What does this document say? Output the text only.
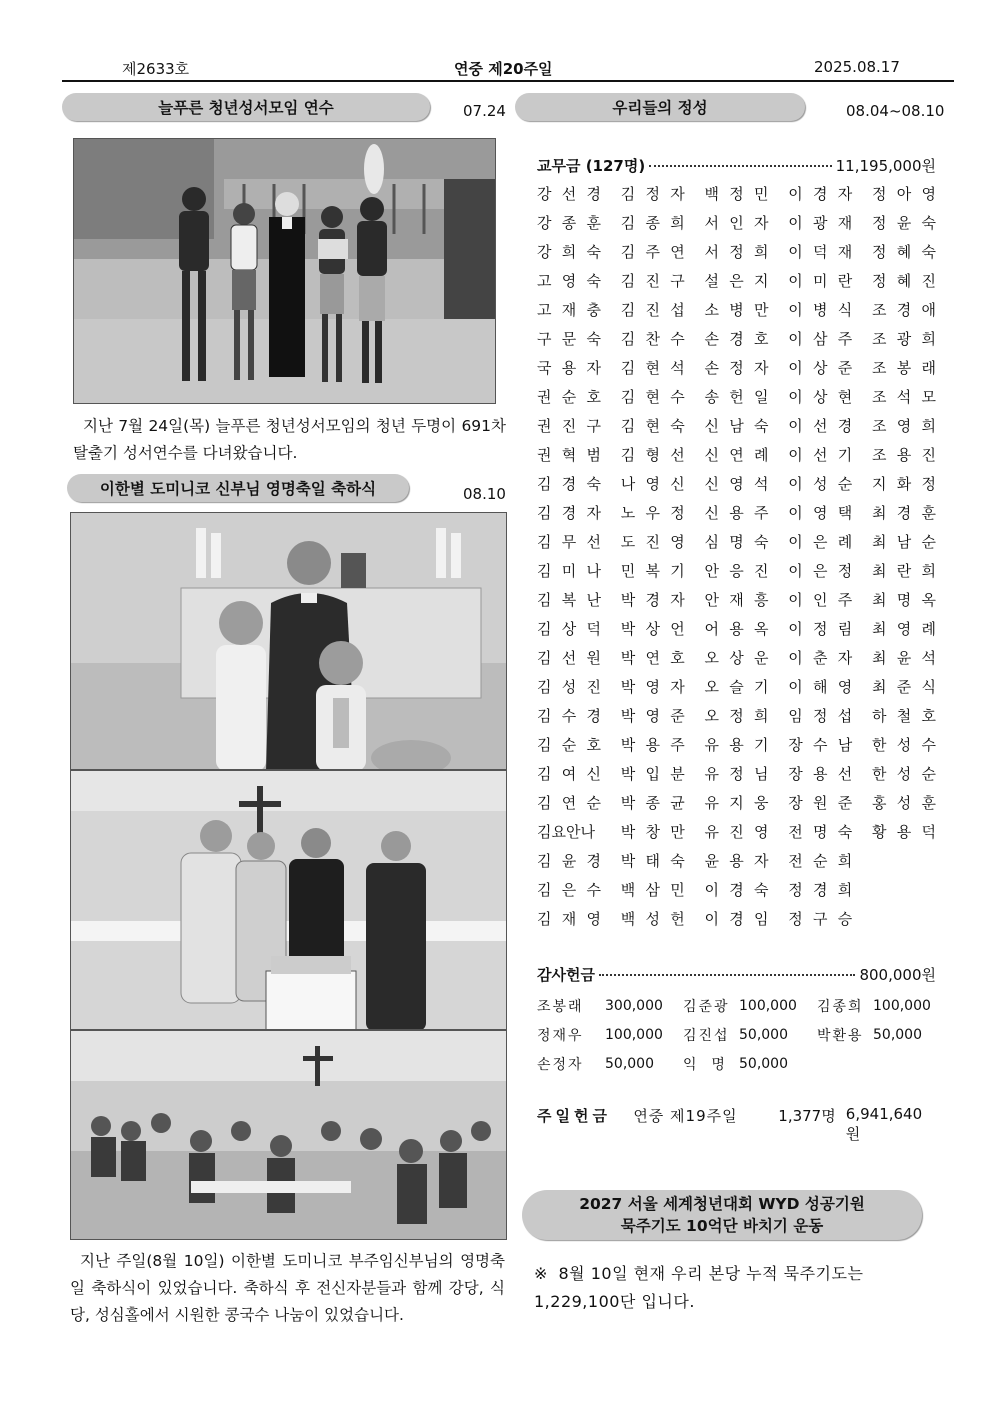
제2633호	연중 제20주일	2025.08.17
늘푸른 청년성서모임 연수	07.24
지난 7월 24일(목) 늘푸른 청년성서모임의 청년 두명이 691차 탈출기 성서연수를 다녀왔습니다.
이한별 도미니코 신부님 영명축일 축하식	08.10
지난 주일(8월 10일) 이한별 도미니코 부주임신부님의 영명축일 축하식이 있었습니다. 축하식 후 전신자분들과 함께 강당, 식당, 성심홀에서 시원한 콩국수 나눔이 있었습니다.
우리들의 정성	08.04~08.10
교무금 (127명)	11,195,000원
강 선 경 김 정 자 백 정 민 이 경 자 정 아 영
강 종 훈 김 종 희 서 인 자 이 광 재 정 윤 숙
강 희 숙 김 주 연 서 정 희 이 덕 재 정 혜 숙
고 영 숙 김 진 구 설 은 지 이 미 란 정 혜 진
고 재 충 김 진 섭 소 병 만 이 병 식 조 경 애
구 문 숙 김 찬 수 손 경 호 이 삼 주 조 광 희
국 용 자 김 현 석 손 정 자 이 상 준 조 봉 래
권 순 호 김 현 수 송 헌 일 이 상 현 조 석 모
권 진 구 김 현 숙 신 남 숙 이 선 경 조 영 희
권 혁 범 김 형 선 신 연 례 이 선 기 조 용 진
김 경 숙 나 영 신 신 영 석 이 성 순 지 화 정
김 경 자 노 우 정 신 용 주 이 영 택 최 경 훈
김 무 선 도 진 영 심 명 숙 이 은 례 최 남 순
김 미 나 민 복 기 안 응 진 이 은 정 최 란 희
김 복 난 박 경 자 안 재 흥 이 인 주 최 명 옥
김 상 덕 박 상 언 어 용 옥 이 정 림 최 영 례
김 선 원 박 연 호 오 상 운 이 춘 자 최 윤 석
김 성 진 박 영 자 오 슬 기 이 해 영 최 준 식
김 수 경 박 영 준 오 정 희 임 정 섭 하 철 호
김 순 호 박 용 주 유 용 기 장 수 남 한 성 수
김 여 신 박 입 분 유 정 님 장 용 선 한 성 순
김 연 순 박 종 균 유 지 웅 장 원 준 홍 성 훈
김요안나	박 창 만 유 진 영 전 명 숙 황 용 덕
김 윤 경 박 태 숙 윤 용 자 전 순 희
김 은 수 백 삼 민 이 경 숙 정 경 희
김 재 영 백 성 헌 이 경 임 정 구 승
감사헌금	800,000원
조봉래	300,000	김준광 100,000	김종희 100,000
정재우	100,000	김진섭 50,000	박환용 50,000
손정자	50,000	익  명 50,000
주일헌금	연중 제19주일	1,377명 6,941,640원
2027 서울 세계청년대회 WYD 성공기원
묵주기도 10억단 바치기 운동
※ 8월 10일 현재 우리 본당 누적 묵주기도는 1,229,100단 입니다.
